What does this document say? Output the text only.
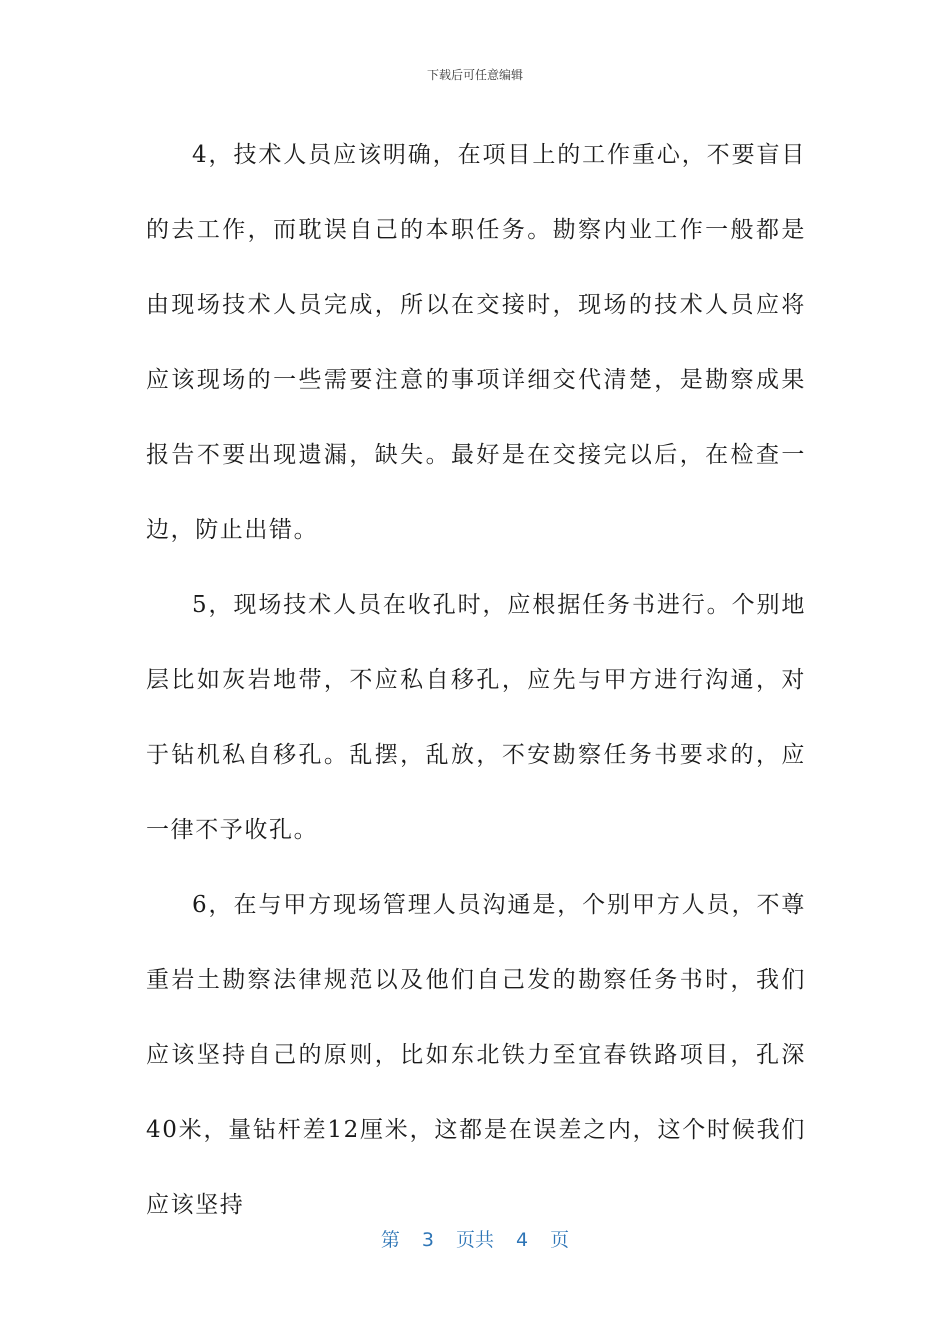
下载后可任意编辑

4，技术人员应该明确，在项目上的工作重心，不要盲目的去工作，而耽误自己的本职任务。勘察内业工作一般都是由现场技术人员完成，所以在交接时，现场的技术人员应将应该现场的一些需要注意的事项详细交代清楚，是勘察成果报告不要出现遗漏，缺失。最好是在交接完以后，在检查一边，防止出错。

5，现场技术人员在收孔时，应根据任务书进行。个别地层比如灰岩地带，不应私自移孔，应先与甲方进行沟通，对于钻机私自移孔。乱摆，乱放，不安勘察任务书要求的，应一律不予收孔。

6，在与甲方现场管理人员沟通是，个别甲方人员，不尊重岩土勘察法律规范以及他们自己发的勘察任务书时，我们应该坚持自己的原则，比如东北铁力至宜春铁路项目，孔深40米，量钻杆差12厘米，这都是在误差之内，这个时候我们应该坚持

第 3 页共 4 页
